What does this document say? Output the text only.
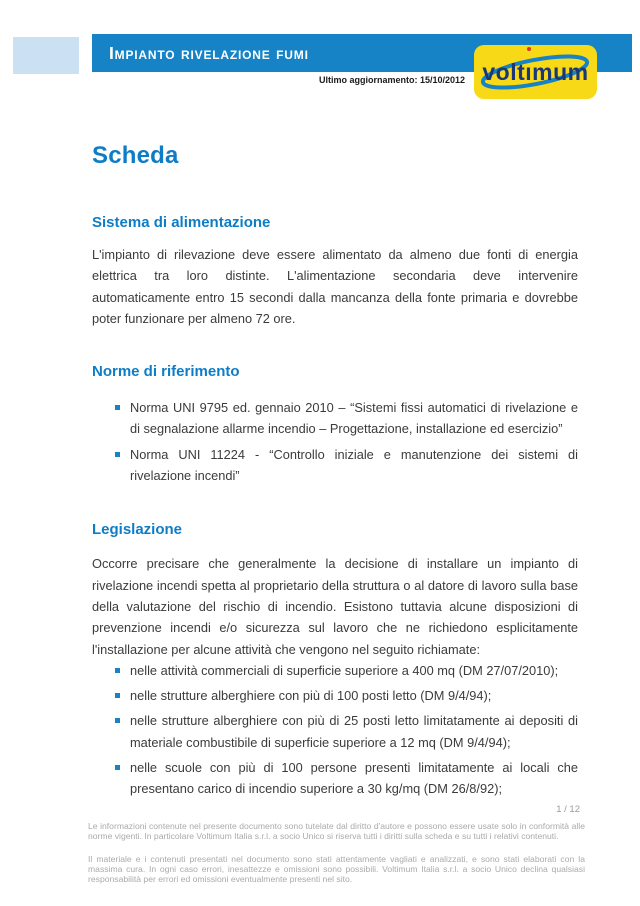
Impianto rivelazione fumi
Ultimo aggiornamento: 15/10/2012 voltı
mum
Scheda
Sistema di alimentazione

L'impianto di rilevazione deve essere alimentato da almeno due fonti di energia elettrica tra loro distinte. L'alimentazione secondaria deve intervenire automaticamente entro 15 secondi dalla mancanza della fonte primaria e dovrebbe poter funzionare per almeno 72 ore.

Norme di riferimento
Norma UNI 9795 ed. gennaio 2010 – “Sistemi fissi automatici di rivelazione e di segnalazione allarme incendio – Progettazione, installazione ed esercizio”
Norma UNI 11224 - “Controllo iniziale e manutenzione dei sistemi di rivelazione incendi”
Legislazione

Occorre precisare che generalmente la decisione di installare un impianto di rivelazione incendi spetta al proprietario della struttura o al datore di lavoro sulla base della valutazione del rischio di incendio. Esistono tuttavia alcune disposizioni di prevenzione incendi e/o sicurezza sul lavoro che ne richiedono esplicitamente l'installazione per alcune attività che vengono nel seguito richiamate:

nelle attività commerciali di superficie superiore a 400 mq (DM 27/07/2010);
nelle strutture alberghiere con più di 100 posti letto (DM 9/4/94);
nelle strutture alberghiere con più di 25 posti letto limitatamente ai depositi di materiale combustibile di superficie superiore a 12 mq (DM 9/4/94);
nelle scuole con più di 100 persone presenti limitatamente ai locali che presentano carico di incendio superiore a 30 kg/mq (DM 26/8/92);
1 / 12

Le informazioni contenute nel presente documento sono tutelate dal diritto d'autore e possono essere usate solo in conformità alle norme vigenti. In particolare Voltimum Italia s.r.l. a socio Unico si riserva tutti i diritti sulla scheda e su tutti i relativi contenuti.

Il materiale e i contenuti presentati nel documento sono stati attentamente vagliati e analizzati, e sono stati elaborati con la massima cura. In ogni caso errori, inesattezze e omissioni sono possibili. Voltimum Italia s.r.l. a socio Unico declina qualsiasi responsabilità per errori ed omissioni eventualmente presenti nel sito.
